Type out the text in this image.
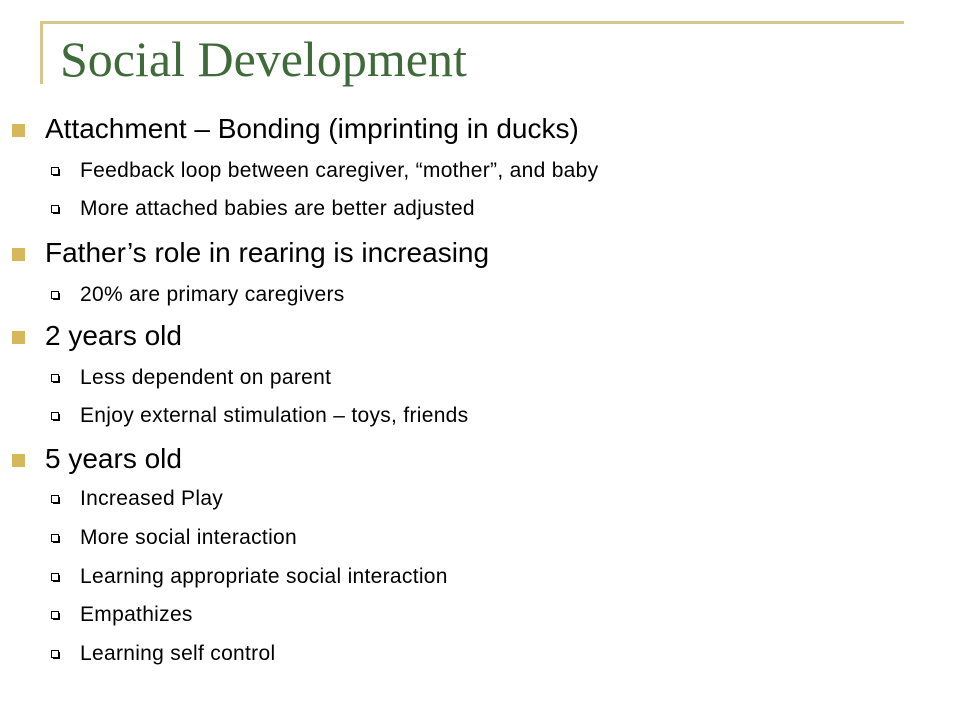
Social Development
Attachment – Bonding (imprinting in ducks)
Feedback loop between caregiver, “mother”, and baby
More attached babies are better adjusted
Father’s role in rearing is increasing
20% are primary caregivers
2 years old
Less dependent on parent
Enjoy external stimulation – toys, friends
5 years old
Increased Play
More social interaction
Learning appropriate social interaction
Empathizes
Learning self control
